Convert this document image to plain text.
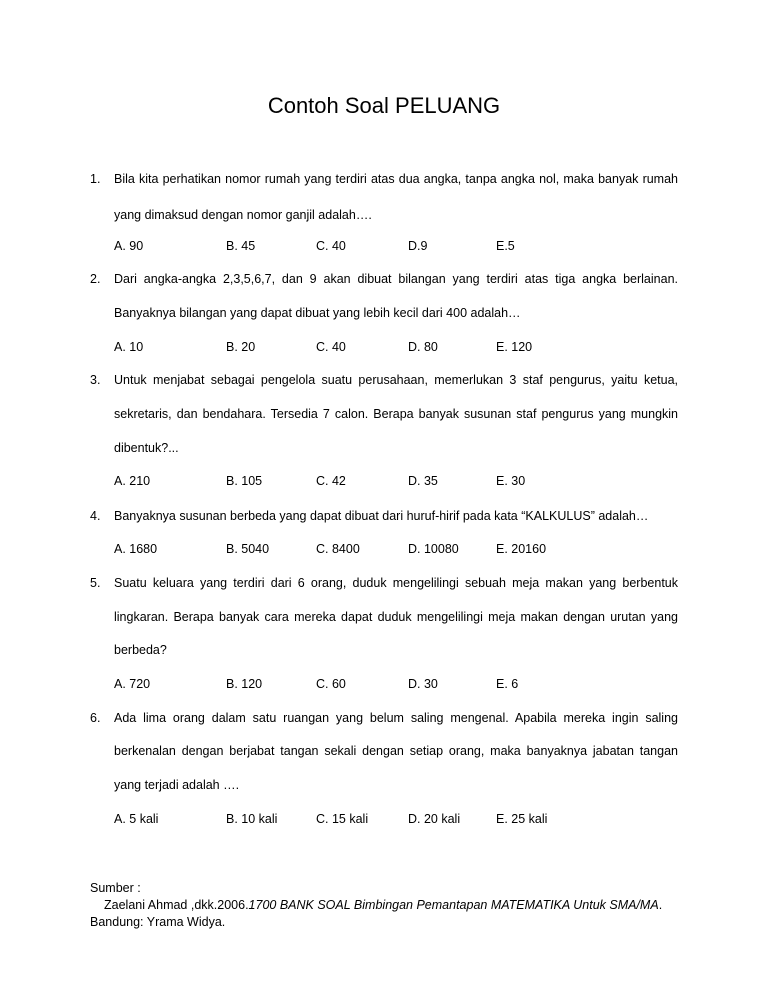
Contoh Soal PELUANG
1. Bila kita perhatikan nomor rumah yang terdiri atas dua angka, tanpa angka nol, maka banyak rumah
yang dimaksud dengan nomor ganjil adalah….
A. 90	B. 45	C. 40	D.9	E.5
2. Dari angka-angka 2,3,5,6,7, dan 9 akan dibuat bilangan yang terdiri atas tiga angka berlainan.
Banyaknya bilangan yang dapat dibuat yang lebih kecil dari 400 adalah…
A. 10	B. 20	C. 40	D. 80	E. 120
3. Untuk menjabat sebagai pengelola suatu perusahaan, memerlukan 3 staf pengurus, yaitu ketua,
sekretaris, dan bendahara. Tersedia 7 calon. Berapa banyak susunan staf pengurus yang mungkin
dibentuk?...
A. 210	B. 105	C. 42	D. 35	E. 30
4. Banyaknya susunan berbeda yang dapat dibuat dari huruf-hirif pada kata “KALKULUS” adalah…
A. 1680	B. 5040	C. 8400	D. 10080	E. 20160
5. Suatu keluara yang terdiri dari 6 orang, duduk mengelilingi sebuah meja makan yang berbentuk
lingkaran. Berapa banyak cara mereka dapat duduk mengelilingi meja makan dengan urutan yang
berbeda?
A. 720	B. 120	C. 60	D. 30	E. 6
6. Ada lima orang dalam satu ruangan yang belum saling mengenal. Apabila mereka ingin saling
berkenalan dengan berjabat tangan sekali dengan setiap orang, maka banyaknya jabatan tangan
yang terjadi adalah ….
A. 5 kali	B. 10 kali	C. 15 kali	D. 20 kali	E. 25 kali
Sumber :
Zaelani Ahmad ,dkk.2006.1700 BANK SOAL Bimbingan Pemantapan MATEMATIKA Untuk SMA/MA.
Bandung: Yrama Widya.
